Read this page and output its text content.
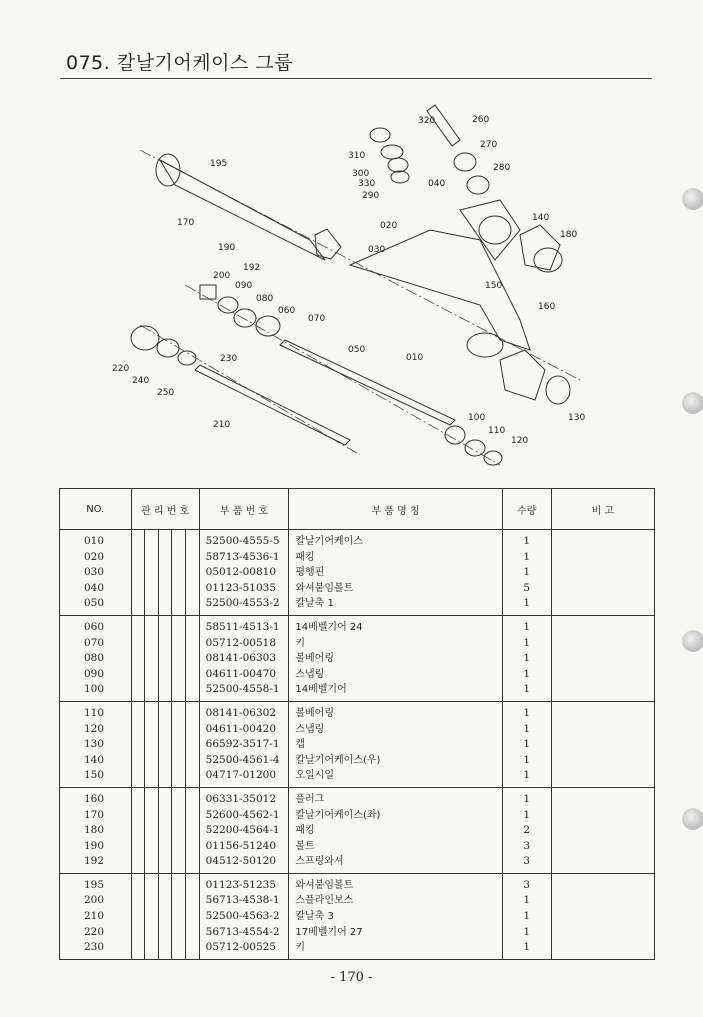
075. 칼날기어케이스 그룹
320	260
270
310
300
330
280
290
040
195
170	140
180
020
030
190
192
150
160
200
090
080
060
070
050
010
220
240
230
250
100
110
120
130
210
NO.	관 리 번 호					부 품 번 호	부 품 명 칭	수량	비 고
010						52500-4555-5	칼날기어케이스	1	
020						58713-4536-1	패킹	1	
030						05012-00810	평행핀	1	
040						01123-51035	와셔붙임볼트	5	
050						52500-4553-2	칼날축 1	1	
060						58511-4513-1	14베벨기어 24	1	
070						05712-00518	키	1	
080						08141-06303	볼베어링	1	
090						04611-00470	스냅링	1	
100						52500-4558-1	14베벨기어	1	
110						08141-06302	볼베어링	1	
120						04611-00420	스냅링	1	
130						66592-3517-1	캡	1	
140						52500-4561-4	칼날기어케이스(우)	1	
150						04717-01200	오일시일	1	
160						06331-35012	플러그	1	
170						52600-4562-1	칼날기어케이스(좌)	1	
180						52200-4564-1	패킹	2	
190						01156-51240	볼트	3	
192						04512-50120	스프링와셔	3	
195						01123-51235	와셔붙임볼트	3	
200						56713-4538-1	스플라인보스	1	
210						52500-4563-2	칼날축 3	1	
220						56713-4554-2	17베벨기어 27	1	
230						05712-00525	키	1	
- 170 -
